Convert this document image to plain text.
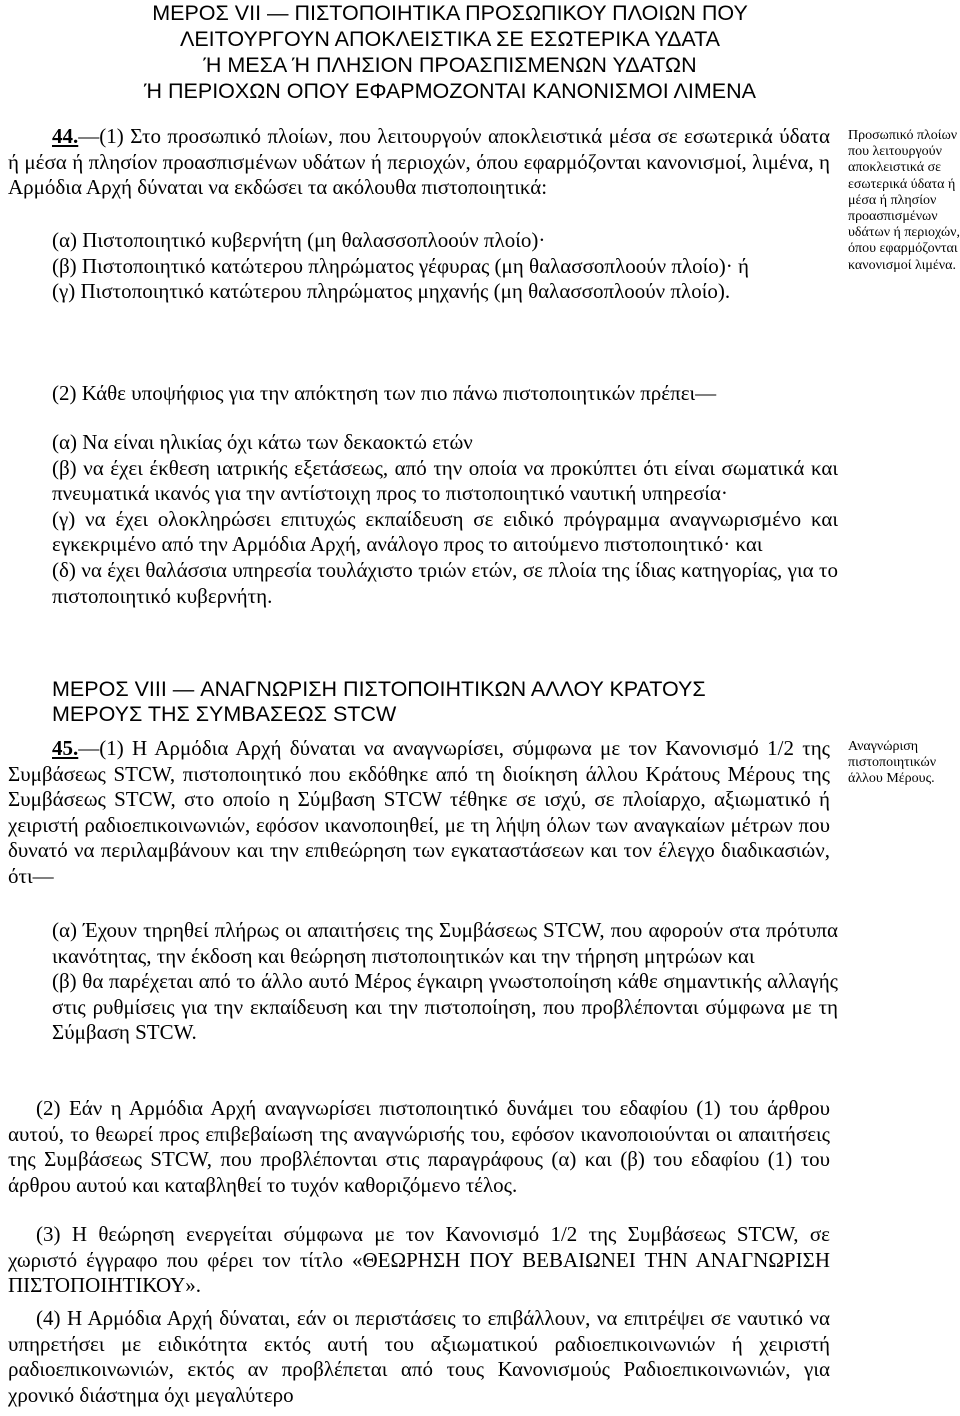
ΜΕΡΟΣ VII — ΠΙΣΤΟΠΟΙΗΤΙΚΑ ΠΡΟΣΩΠΙΚΟΥ ΠΛΟΙΩΝ ΠΟΥ
ΛΕΙΤΟΥΡΓΟΥΝ ΑΠΟΚΛΕΙΣΤΙΚΑ ΣΕ ΕΣΩΤΕΡΙΚΑ ΥΔΑΤΑ
Ή ΜΕΣΑ Ή ΠΛΗΣΙΟΝ ΠΡΟΑΣΠΙΣΜΕΝΩΝ ΥΔΑΤΩΝ
Ή ΠΕΡΙΟΧΩΝ ΟΠΟΥ ΕΦΑΡΜΟΖΟΝΤΑΙ ΚΑΝΟΝΙΣΜΟΙ ΛΙΜΕΝΑ
44.—(1) Στο προσωπικό πλοίων, που λειτουργούν αποκλειστικά μέσα σε εσωτερικά ύδατα ή μέσα ή πλησίον προασπισμένων υδάτων ή περιοχών, όπου εφαρμόζονται κανονισμοί, λιμένα, η Αρμόδια Αρχή δύναται να εκδώσει τα ακόλουθα πιστοποιητικά:

(α) Πιστοποιητικό κυβερνήτη (μη θαλασσοπλοούν πλοίο)·

(β) Πιστοποιητικό κατώτερου πληρώματος γέφυρας (μη θαλασσοπλοούν πλοίο)· ή

(γ) Πιστοποιητικό κατώτερου πληρώματος μηχανής (μη θαλασσοπλοούν πλοίο).

(2) Κάθε υποψήφιος για την απόκτηση των πιο πάνω πιστοποιητικών πρέπει—

(α) Να είναι ηλικίας όχι κάτω των δεκαοκτώ ετών

(β) να έχει έκθεση ιατρικής εξετάσεως, από την οποία να προκύπτει ότι είναι σωματικά και πνευματικά ικανός για την αντίστοιχη προς το πιστοποιητικό ναυτική υπηρεσία·

(γ) να έχει ολοκληρώσει επιτυχώς εκπαίδευση σε ειδικό πρόγραμμα αναγνωρισμένο και εγκεκριμένο από την Αρμόδια Αρχή, ανάλογο προς το αιτούμενο πιστοποιητικό· και

(δ) να έχει θαλάσσια υπηρεσία τουλάχιστο τριών ετών, σε πλοία της ίδιας κατηγορίας, για το πιστοποιητικό κυβερνήτη.

Προσωπικό πλοίων που λειτουργούν αποκλειστικά σε εσωτερικά ύδατα ή μέσα ή πλησίον προασπισμένων υδάτων ή περιοχών, όπου εφαρμόζονται κανονισμοί λιμένα.
ΜΕΡΟΣ VIII — ΑΝΑΓΝΩΡΙΣΗ ΠΙΣΤΟΠΟΙΗΤΙΚΩΝ ΑΛΛΟΥ ΚΡΑΤΟΥΣ
ΜΕΡΟΥΣ ΤΗΣ ΣΥΜΒΑΣΕΩΣ STCW
45.—(1) Η Αρμόδια Αρχή δύναται να αναγνωρίσει, σύμφωνα με τον Κανονισμό 1/2 της Συμβάσεως STCW, πιστοποιητικό που εκδόθηκε από τη διοίκηση άλλου Κράτους Μέρους της Συμβάσεως STCW, στο οποίο η Σύμβαση STCW τέθηκε σε ισχύ, σε πλοίαρχο, αξιωματικό ή χειριστή ραδιοεπικοινωνιών, εφόσον ικανοποιηθεί, με τη λήψη όλων των αναγκαίων μέτρων που δυνατό να περιλαμβάνουν και την επιθεώρηση των εγκαταστάσεων και τον έλεγχο διαδικασιών, ότι—
Αναγνώριση πιστοποιητικών άλλου Μέρους.

(α) Έχουν τηρηθεί πλήρως οι απαιτήσεις της Συμβάσεως STCW, που αφορούν στα πρότυπα ικανότητας, την έκδοση και θεώρηση πιστοποιητικών και την τήρηση μητρώων και

(β) θα παρέχεται από το άλλο αυτό Μέρος έγκαιρη γνωστοποίηση κάθε σημαντικής αλλαγής στις ρυθμίσεις για την εκπαίδευση και την πιστοποίηση, που προβλέπονται σύμφωνα με τη Σύμβαση STCW.

(2) Εάν η Αρμόδια Αρχή αναγνωρίσει πιστοποιητικό δυνάμει του εδαφίου (1) του άρθρου αυτού, το θεωρεί προς επιβεβαίωση της αναγνώρισής του, εφόσον ικανοποιούνται οι απαιτήσεις της Συμβάσεως STCW, που προβλέπονται στις παραγράφους (α) και (β) του εδαφίου (1) του άρθρου αυτού και καταβληθεί το τυχόν καθοριζόμενο τέλος.
(3) Η θεώρηση ενεργείται σύμφωνα με τον Κανονισμό 1/2 της Συμβάσεως STCW, σε χωριστό έγγραφο που φέρει τον τίτλο «ΘΕΩΡΗΣΗ ΠΟΥ ΒΕΒΑΙΩΝΕΙ ΤΗΝ ΑΝΑΓΝΩΡΙΣΗ ΠΙΣΤΟΠΟΙΗΤΙΚΟΥ».
(4) Η Αρμόδια Αρχή δύναται, εάν οι περιστάσεις το επιβάλλουν, να επιτρέψει σε ναυτικό να υπηρετήσει με ειδικότητα εκτός αυτή του αξιωματικού ραδιοεπικοινωνιών ή χειριστή ραδιοεπικοινωνιών, εκτός αν προβλέπεται από τους Κανονισμούς Ραδιοεπικοινωνιών, για χρονικό διάστημα όχι μεγαλύτερο
